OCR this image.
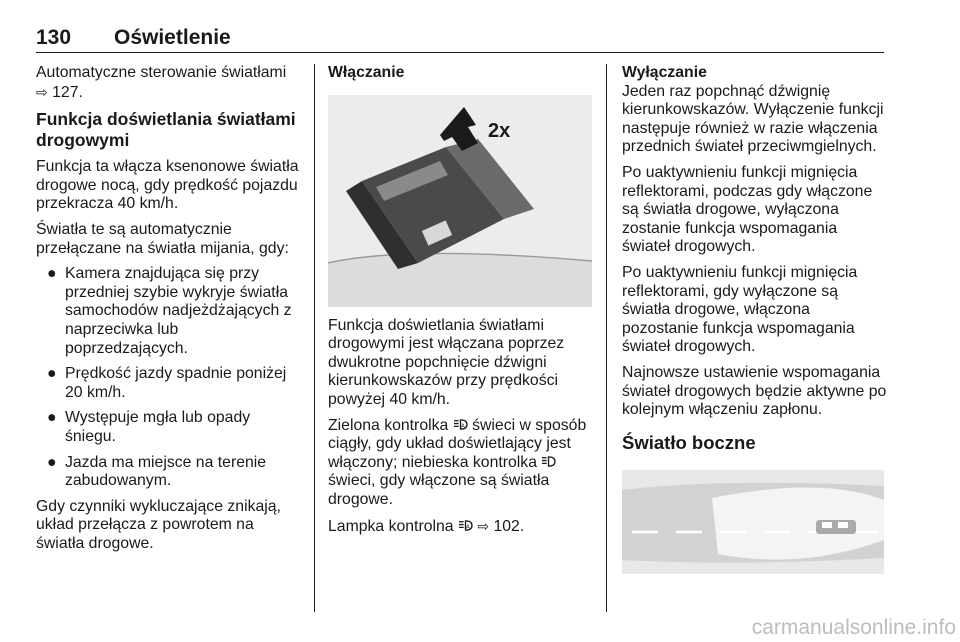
130 Oświetlenie

Automatyczne sterowanie światłami
⇨ 127.

Funkcja doświetlania światłami drogowymi

Funkcja ta włącza ksenonowe światła drogowe nocą, gdy prędkość pojazdu przekracza 40 km/h.

Światła te są automatycznie przełączane na światła mijania, gdy:

● Kamera znajdująca się przy przedniej szybie wykryje światła samochodów nadjeżdżających z naprzeciwka lub poprzedzających.
● Prędkość jazdy spadnie poniżej 20 km/h.
● Występuje mgła lub opady śniegu.
● Jazda ma miejsce na terenie zabudowanym.

Gdy czynniki wykluczające znikają, układ przełącza z powrotem na światła drogowe.

Włączanie

2x

Funkcja doświetlania światłami drogowymi jest włączana poprzez dwukrotne popchnięcie dźwigni kierunkowskazów przy prędkości powyżej 40 km/h.

Zielona kontrolka A świeci w sposób ciągły, gdy układ doświetlający jest włączony; niebieska kontrolka  świeci, gdy włączone są światła drogowe.

Lampka kontrolna A ⇨ 102.

Wyłączanie

Jeden raz popchnąć dźwignię kierunkowskazów. Wyłączenie funkcji następuje również w razie włączenia przednich świateł przeciwmgielnych.

Po uaktywnieniu funkcji mignięcia reflektorami, podczas gdy włączone są światła drogowe, wyłączona zostanie funkcja wspomagania świateł drogowych.

Po uaktywnieniu funkcji mignięcia reflektorami, gdy wyłączone są światła drogowe, włączona pozostanie funkcja wspomagania świateł drogowych.

Najnowsze ustawienie wspomagania świateł drogowych będzie aktywne po kolejnym włączeniu zapłonu.

Światło boczne
carmanualsonline.info
